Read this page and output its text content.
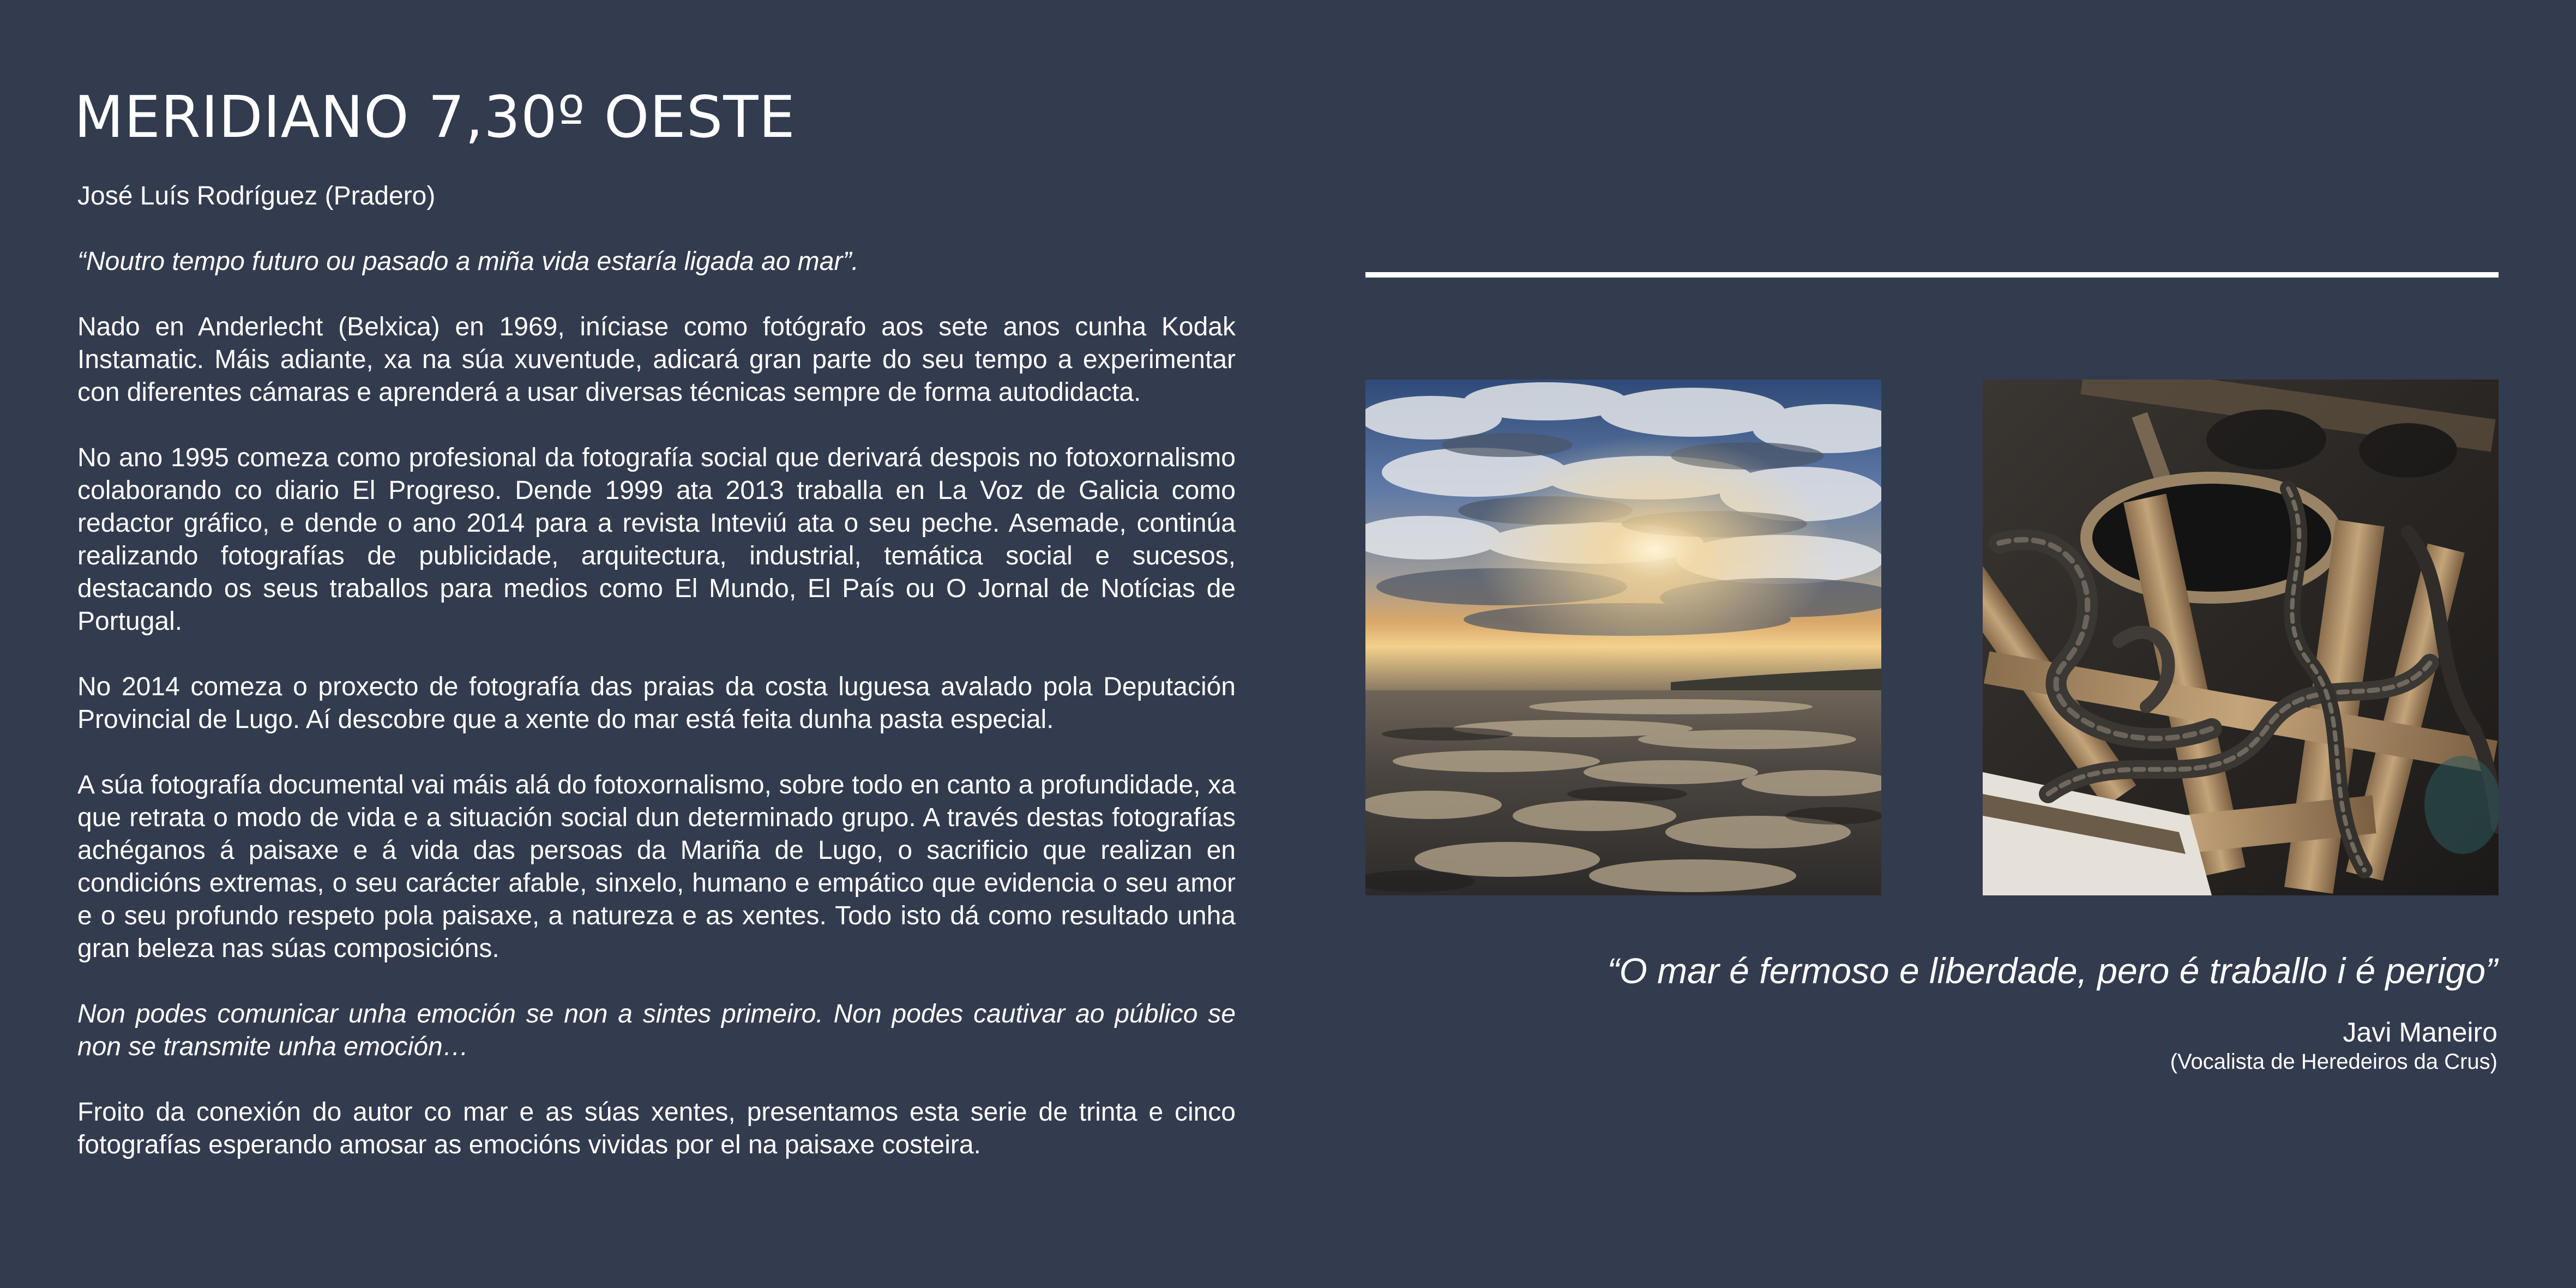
MERIDIANO 7,30º OESTE

José Luís Rodríguez (Pradero)

“Noutro tempo futuro ou pasado a miña vida estaría ligada ao mar”.

Nado en Anderlecht (Belxica) en 1969, iníciase como fotógrafo aos sete anos cunha Kodak Instamatic. Máis adiante, xa na súa xuventude, adicará gran parte do seu tempo a experimentar con diferentes cámaras e aprenderá a usar diversas técnicas sempre de forma autodidacta.

No ano 1995 comeza como profesional da fotografía social que derivará despois no fotoxornalismo colaborando co diario El Progreso. Dende 1999 ata 2013 traballa en La Voz de Galicia como redactor gráfico, e dende o ano 2014 para a revista Inteviú ata o seu peche. Asemade, continúa realizando fotografías de publicidade, arquitectura, industrial, temática social e sucesos, destacando os seus traballos para medios como El Mundo, El País ou O Jornal de Notícias de Portugal.

No 2014 comeza o proxecto de fotografía das praias da costa luguesa avalado pola Deputación Provincial de Lugo. Aí descobre que a xente do mar está feita dunha pasta especial.

A súa fotografía documental vai máis alá do fotoxornalismo, sobre todo en canto a profundidade, xa que retrata o modo de vida e a situación social dun determinado grupo. A través destas fotografías achéganos á paisaxe e á vida das persoas da Mariña de Lugo, o sacrificio que realizan en condicións extremas, o seu carácter afable, sinxelo, humano e empático que evidencia o seu amor e o seu profundo respeto pola paisaxe, a natureza e as xentes. Todo isto dá como resultado unha gran beleza nas súas composicións.

Non podes comunicar unha emoción se non a sintes primeiro. Non podes cautivar ao público se non se transmite unha emoción…

Froito da conexión do autor co mar e as súas xentes, presentamos esta serie de trinta e cinco fotografías esperando amosar as emocións vividas por el na paisaxe costeira.

“O mar é fermoso e liberdade, pero é traballo i é perigo”

Javi Maneiro

(Vocalista de Heredeiros da Crus)
